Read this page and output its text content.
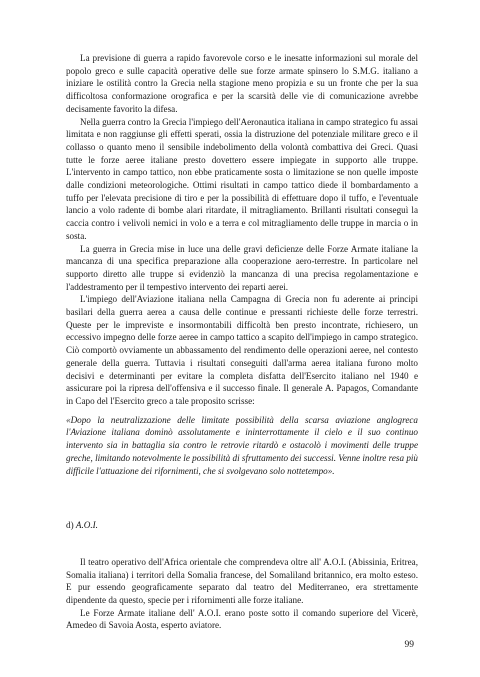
La previsione di guerra a rapido favorevole corso e le inesatte informazioni sul morale del popolo greco e sulle capacità operative delle sue forze armate spinsero lo S.M.G. italiano a iniziare le ostilità contro la Grecia nella stagione meno propizia e su un fronte che per la sua difficoltosa conformazione orografica e per la scarsità delle vie di comunicazione avrebbe decisamente favorito la difesa.

Nella guerra contro la Grecia l'impiego dell'Aeronautica italiana in campo strategico fu assai limitata e non raggiunse gli effetti sperati, ossia la distruzione del potenziale militare greco e il collasso o quanto meno il sensibile indebolimento della volontà combattiva dei Greci. Quasi tutte le forze aeree italiane presto dovettero essere impiegate in supporto alle truppe. L'intervento in campo tattico, non ebbe praticamente sosta o limitazione se non quelle imposte dalle condizioni meteorologiche. Ottimi risultati in campo tattico diede il bombardamento a tuffo per l'elevata precisione di tiro e per la possibilità di effettuare dopo il tuffo, e l'eventuale lancio a volo radente di bombe alari ritardate, il mitragliamento. Brillanti risultati conseguì la caccia contro i velivoli nemici in volo e a terra e col mitragliamento delle truppe in marcia o in sosta.

La guerra in Grecia mise in luce una delle gravi deficienze delle Forze Armate italiane la mancanza di una specifica preparazione alla cooperazione aero-terrestre. In particolare nel supporto diretto alle truppe si evidenziò la mancanza di una precisa regolamentazione e l'addestramento per il tempestivo intervento dei reparti aerei.

L'impiego dell'Aviazione italiana nella Campagna di Grecia non fu aderente ai principi basilari della guerra aerea a causa delle continue e pressanti richieste delle forze terrestri. Queste per le impreviste e insormontabili difficoltà ben presto incontrate, richiesero, un eccessivo impegno delle forze aeree in campo tattico a scapito dell'impiego in campo strategico. Ciò comportò ovviamente un abbassamento del rendimento delle operazioni aeree, nel contesto generale della guerra. Tuttavia i risultati conseguiti dall'arma aerea italiana furono molto decisivi e determinanti per evitare la completa disfatta dell'Esercito italiano nel 1940 e assicurare poi la ripresa dell'offensiva e il successo finale. Il generale A. Papagos, Comandante in Capo del l'Esercito greco a tale proposito scrisse:

«Dopo la neutralizzazione delle limitate possibilità della scarsa aviazione anglogreca l'Aviazione italiana dominò assolutamente e ininterrottamente il cielo e il suo continuo intervento sia in battaglia sia contro le retrovie ritardò e ostacolò i movimenti delle truppe greche, limitando notevolmente le possibilità di sfruttamento dei successi. Venne inoltre resa più difficile l'attuazione dei rifornimenti, che si svolgevano solo nottetempo».

d) A.O.I.

Il teatro operativo dell'Africa orientale che comprendeva oltre all' A.O.I. (Abissinia, Eritrea, Somalia italiana) i territori della Somalia francese, del Somaliland britannico, era molto esteso. E pur essendo geograficamente separato dal teatro del Mediterraneo, era strettamente dipendente da questo, specie per i rifornimenti alle forze italiane.

Le Forze Armate italiane dell' A.O.I. erano poste sotto il comando superiore del Vicerè, Amedeo di Savoia Aosta, esperto aviatore.

99
